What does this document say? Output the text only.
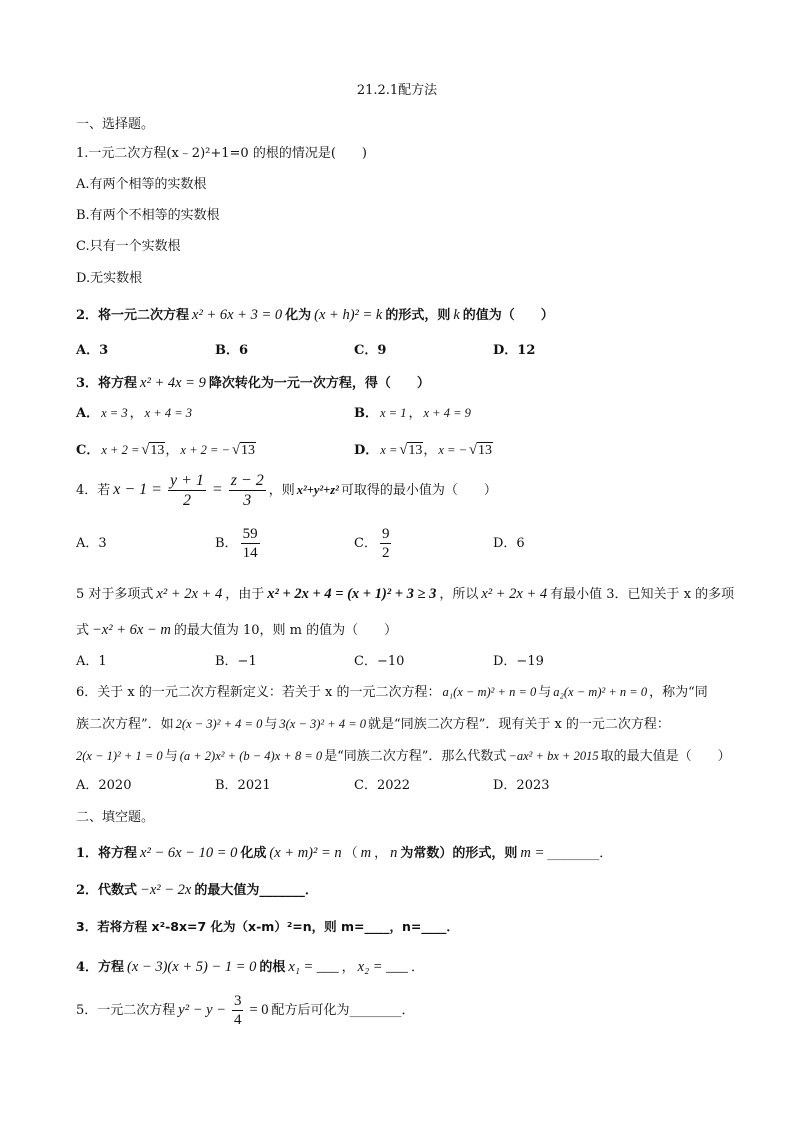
21.2.1配方法
一、选择题。
1.一元二次方程(x﹣2)²+1=0 的根的情况是(　　)
A.有两个相等的实数根
B.有两个不相等的实数根
C.只有一个实数根
D.无实数根
2．将一元二次方程 x² + 6x + 3 = 0 化为 (x + h)² = k 的形式，则 k 的值为（　　）
A．3	B．6	C．9	D．12
3．将方程 x² + 4x = 9 降次转化为一元一次方程，得（　　）
A． x = 3 ， x + 4 = 3	B． x = 1 ， x + 4 = 9
C． x + 2 = √13， x + 2 = − √13	D． x = √13， x = − √13
4．若 $x - 1 = \frac{y + 1}{2} = \frac{z - 2}{3}$ ，则 x²+y²+z² 可取得的最小值为（　　）
A．3	B． $\frac{59}{14}$	C． $\frac{9}{2}$	D．6
5 对于多项式 x² + 2x + 4 ，由于 x² + 2x + 4 = (x + 1)² + 3 ≥ 3 ，所以 x² + 2x + 4 有最小值 3．已知关于 x 的多项
式 −x² + 6x − m 的最大值为 10，则 m 的值为（　　）
A．1	B．−1	C．−10	D．−19
6．关于 x 的一元二次方程新定义：若关于 x 的一元二次方程： a₁(x − m)² + n = 0 与 a₂(x − m)² + n = 0 ，称为“同
族二次方程”．如 2(x − 3)² + 4 = 0 与 3(x − 3)² + 4 = 0 就是“同族二次方程”．现有关于 x 的一元二次方程：
2(x − 1)² + 1 = 0 与 (a + 2)x² + (b − 4)x + 8 = 0 是“同族二次方程”．那么代数式 −ax² + bx + 2015 取的最大值是（　　）
A．2020	B．2021	C．2022	D．2023
二、填空题。
1．将方程 x² − 6x − 10 = 0 化成 (x + m)² = n （ m ， n 为常数）的形式，则 m = ________．
2．代数式 −x² − 2x 的最大值为_______．
3．若将方程 x²-8x=7 化为（x-m）²=n，则 m=____，n=____．
4．方程 (x − 3)(x + 5) − 1 = 0 的根 x₁ = ___ ， x₂ = ___ ．
5．一元二次方程 $y^2 - y - \frac{3}{4} = 0$ 配方后可化为________．
